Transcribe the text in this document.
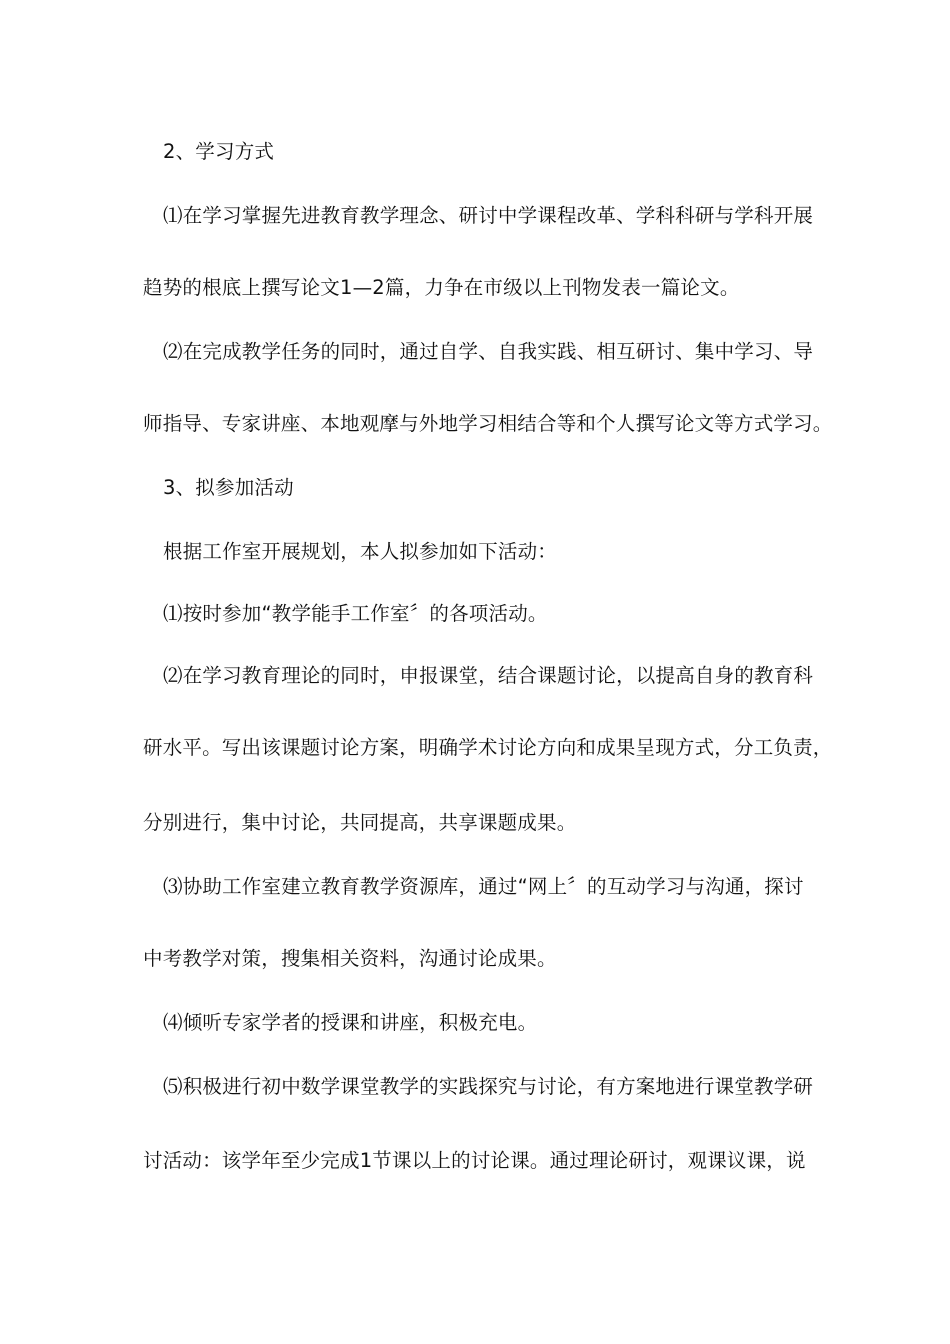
2、学习方式
⑴在学习掌握先进教育教学理念、研讨中学课程改革、学科科研与学科开展
趋势的根底上撰写论文1—2篇，力争在市级以上刊物发表一篇论文。
⑵在完成教学任务的同时，通过自学、自我实践、相互研讨、集中学习、导
师指导、专家讲座、本地观摩与外地学习相结合等和个人撰写论文等方式学习。
3、拟参加活动
根据工作室开展规划，本人拟参加如下活动：
⑴按时参加“教学能手工作室〞的各项活动。
⑵在学习教育理论的同时，申报课堂，结合课题讨论，以提高自身的教育科
研水平。写出该课题讨论方案，明确学术讨论方向和成果呈现方式，分工负责，
分别进行，集中讨论，共同提高，共享课题成果。
⑶协助工作室建立教育教学资源库，通过“网上〞的互动学习与沟通，探讨
中考教学对策，搜集相关资料，沟通讨论成果。
⑷倾听专家学者的授课和讲座，积极充电。
⑸积极进行初中数学课堂教学的实践探究与讨论，有方案地进行课堂教学研
讨活动：该学年至少完成1节课以上的讨论课。通过理论研讨，观课议课，说
